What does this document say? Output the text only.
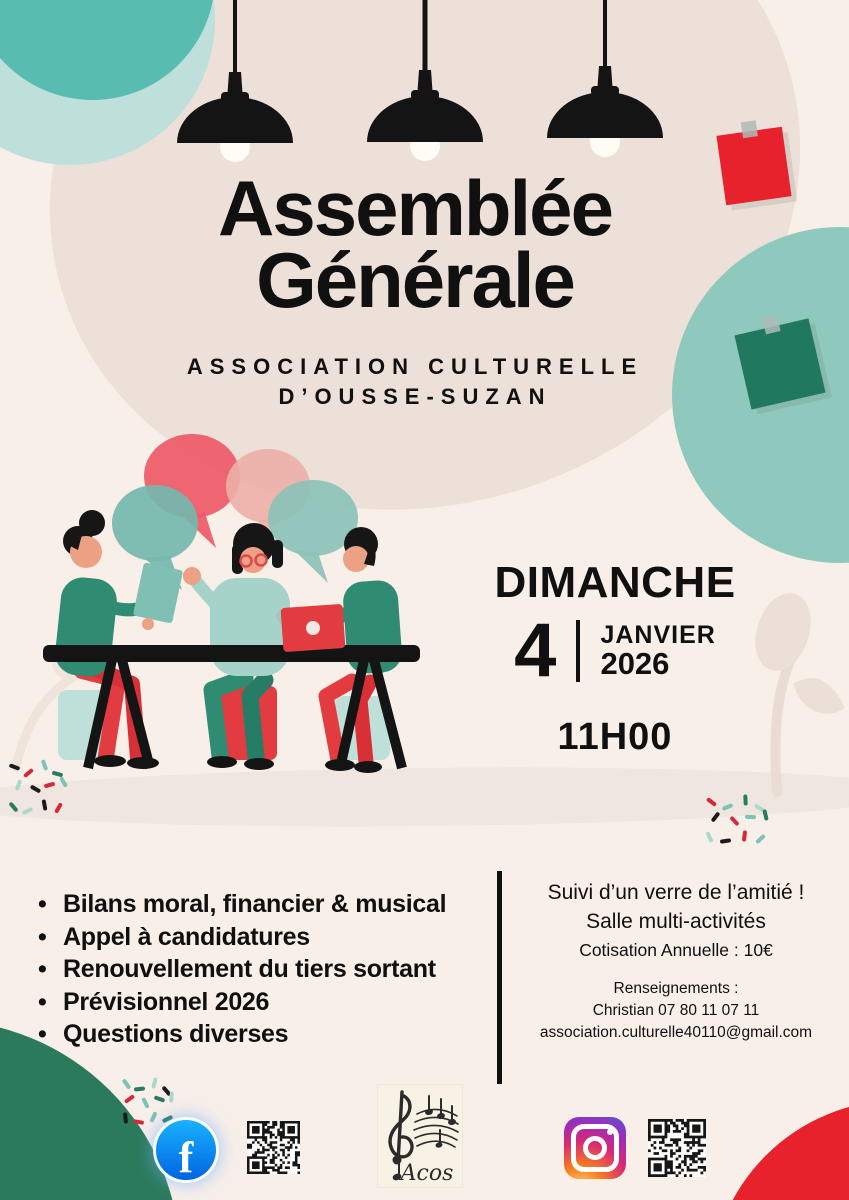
Assemblée
Générale
ASSOCIATION CULTURELLE
D’OUSSE-SUZAN
DIMANCHE
4 JANVIER
2026
11H00
• Bilans moral, financier & musical
• Appel à candidatures
• Renouvellement du tiers sortant
• Prévisionnel 2026
• Questions diverses
Suivi d’un verre de l’amitié !
Salle multi-activités
Cotisation Annuelle : 10€
Renseignements :
Christian 07 80 11 07 11
association.culturelle40110@gmail.com
f	Acos
